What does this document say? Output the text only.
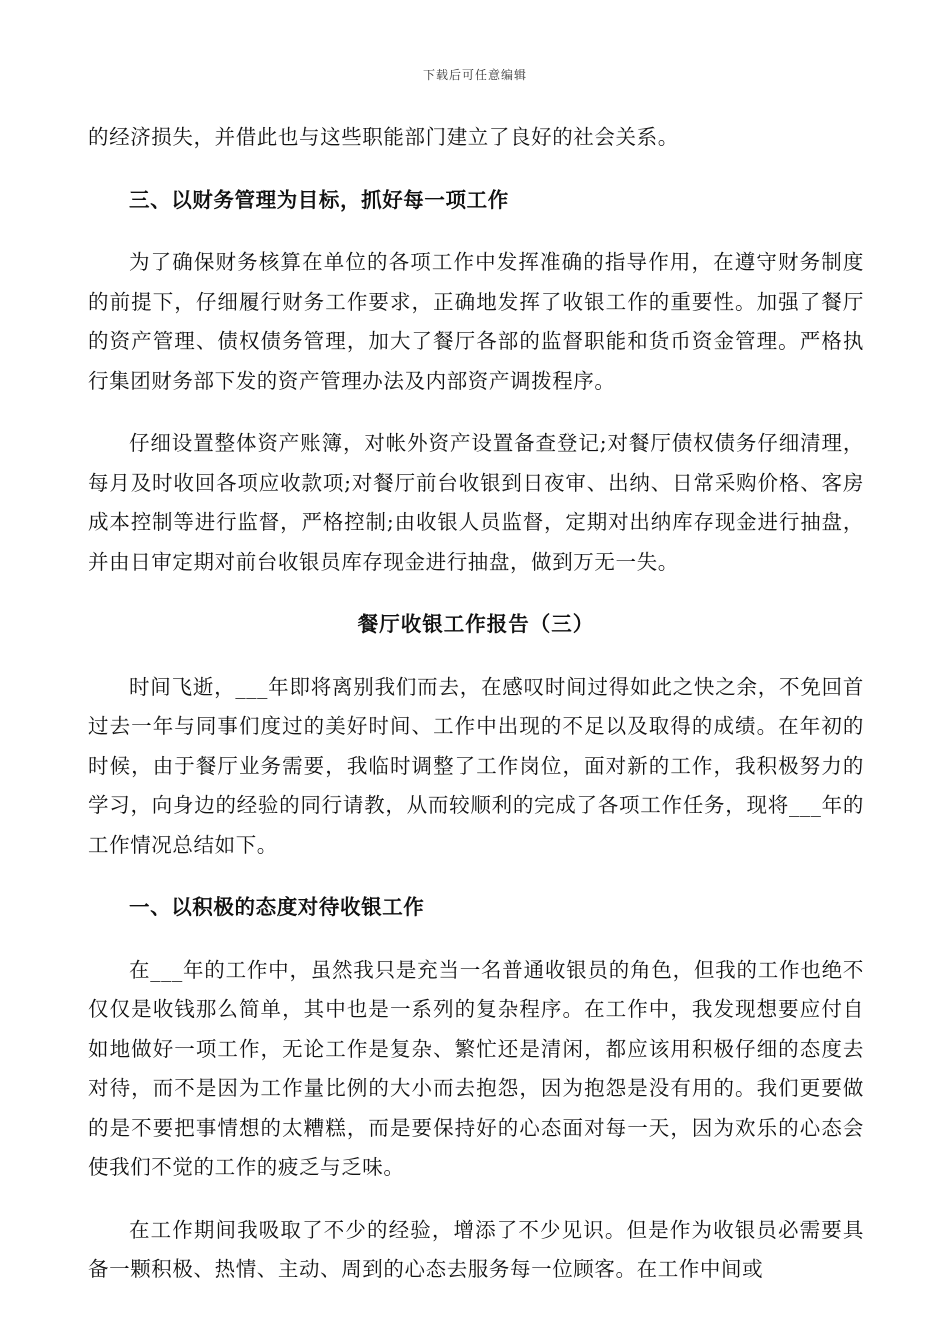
下载后可任意编辑

的经济损失，并借此也与这些职能部门建立了良好的社会关系。

三、以财务管理为目标，抓好每一项工作

为了确保财务核算在单位的各项工作中发挥准确的指导作用，在遵守财务制度的前提下，仔细履行财务工作要求，正确地发挥了收银工作的重要性。加强了餐厅的资产管理、债权债务管理，加大了餐厅各部的监督职能和货币资金管理。严格执行集团财务部下发的资产管理办法及内部资产调拨程序。

仔细设置整体资产账簿，对帐外资产设置备查登记;对餐厅债权债务仔细清理，每月及时收回各项应收款项;对餐厅前台收银到日夜审、出纳、日常采购价格、客房成本控制等进行监督，严格控制;由收银人员监督，定期对出纳库存现金进行抽盘，并由日审定期对前台收银员库存现金进行抽盘，做到万无一失。

餐厅收银工作报告（三）

时间飞逝，___年即将离别我们而去，在感叹时间过得如此之快之余，不免回首过去一年与同事们度过的美好时间、工作中出现的不足以及取得的成绩。在年初的时候，由于餐厅业务需要，我临时调整了工作岗位，面对新的工作，我积极努力的学习，向身边的经验的同行请教，从而较顺利的完成了各项工作任务，现将___年的工作情况总结如下。

一、以积极的态度对待收银工作

在___年的工作中，虽然我只是充当一名普通收银员的角色，但我的工作也绝不仅仅是收钱那么简单，其中也是一系列的复杂程序。在工作中，我发现想要应付自如地做好一项工作，无论工作是复杂、繁忙还是清闲，都应该用积极仔细的态度去对待，而不是因为工作量比例的大小而去抱怨，因为抱怨是没有用的。我们更要做的是不要把事情想的太糟糕，而是要保持好的心态面对每一天，因为欢乐的心态会使我们不觉的工作的疲乏与乏味。

在工作期间我吸取了不少的经验，增添了不少见识。但是作为收银员必需要具备一颗积极、热情、主动、周到的心态去服务每一位顾客。在工作中间或
